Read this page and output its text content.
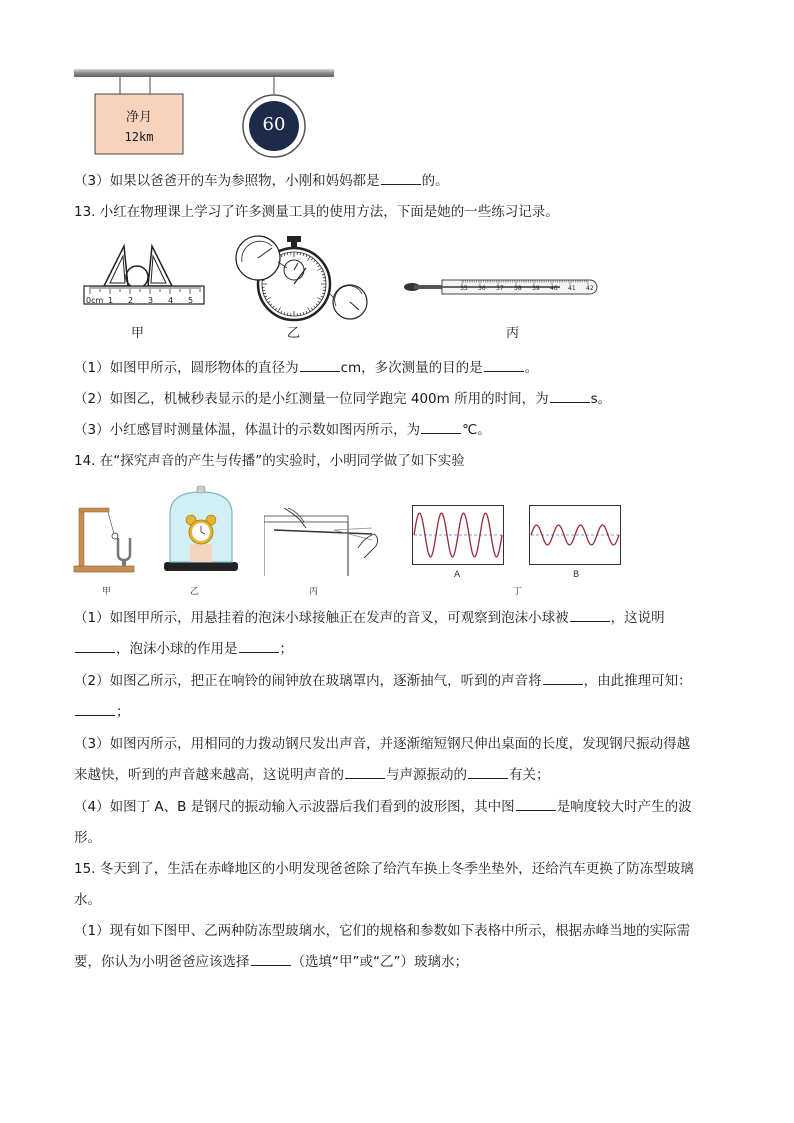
净月
12km
60
（3）如果以爸爸开的车为参照物，小刚和妈妈都是	的。
13. 小红在物理课上学习了许多测量工具的使用方法，下面是她的一些练习记录。
0cm 1 2 3 4 5
甲	乙
35 36 37 38 39 40 41 42
丙
（1）如图甲所示，圆形物体的直径为	cm，多次测量的目的是	。
（2）如图乙，机械秒表显示的是小红测量一位同学跑完 400m 所用的时间，为	s。
（3）小红感冒时测量体温，体温计的示数如图丙所示，为	℃。
14. 在“探究声音的产生与传播”的实验时，小明同学做了如下实验
甲	乙	丙
A	B
丁
（1）如图甲所示，用悬挂着的泡沫小球接触正在发声的音叉，可观察到泡沫小球被	，这说明
，泡沫小球的作用是	；
（2）如图乙所示，把正在响铃的闹钟放在玻璃罩内，逐渐抽气，听到的声音将	，由此推理可知：
；
（3）如图丙所示，用相同的力拨动钢尺发出声音，并逐渐缩短钢尺伸出桌面的长度，发现钢尺振动得越
来越快，听到的声音越来越高，这说明声音的	与声源振动的	有关；
（4）如图丁 A、B 是钢尺的振动输入示波器后我们看到的波形图，其中图	是响度较大时产生的波
形。
15. 冬天到了，生活在赤峰地区的小明发现爸爸除了给汽车换上冬季坐垫外，还给汽车更换了防冻型玻璃
水。
（1）现有如下图甲、乙两种防冻型玻璃水，它们的规格和参数如下表格中所示，根据赤峰当地的实际需
要，你认为小明爸爸应该选择	（选填“甲”或“乙”）玻璃水；
